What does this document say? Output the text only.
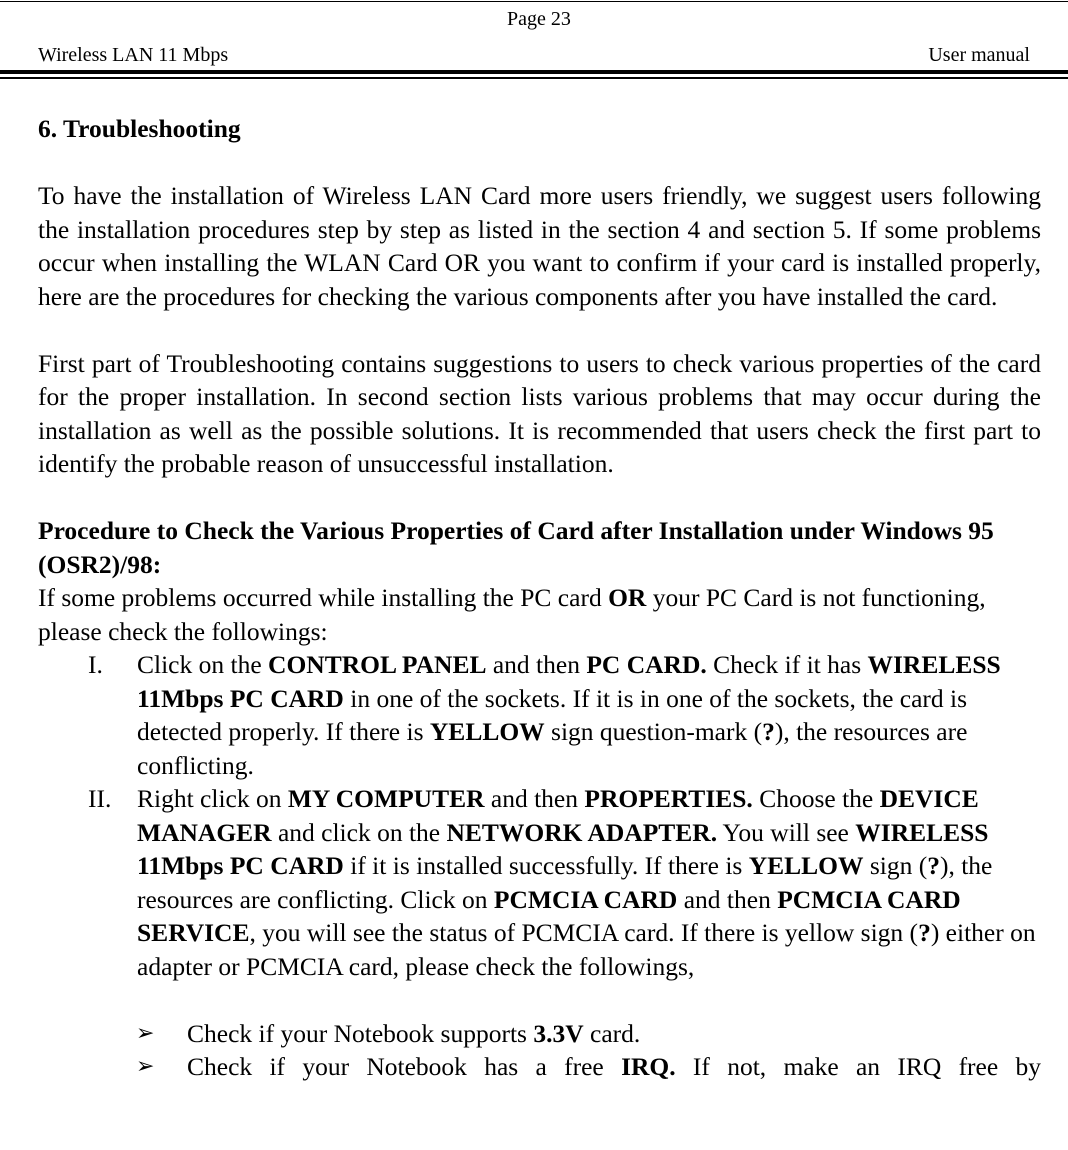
Page 23
Wireless LAN 11 Mbps	User manual
6. Troubleshooting

To have the installation of Wireless LAN Card more users friendly, we suggest users following the installation procedures step by step as listed in the section 4 and section 5. If some problems occur when installing the WLAN Card OR you want to confirm if your card is installed properly, here are the procedures for checking the various components after you have installed the card.

First part of Troubleshooting contains suggestions to users to check various properties of the card for the proper installation. In second section lists various problems that may occur during the installation as well as the possible solutions. It is recommended that users check the first part to identify the probable reason of unsuccessful installation.

Procedure to Check the Various Properties of Card after Installation under Windows 95 (OSR2)/98:

If some problems occurred while installing the PC card OR your PC Card is not functioning, please check the followings:

I. Click on the CONTROL PANEL and then PC CARD. Check if it has WIRELESS 11Mbps PC CARD in one of the sockets. If it is in one of the sockets, the card is detected properly. If there is YELLOW sign question-mark (?), the resources are conflicting.
II. Right click on MY COMPUTER and then PROPERTIES. Choose the DEVICE MANAGER and click on the NETWORK ADAPTER. You will see WIRELESS 11Mbps PC CARD if it is installed successfully. If there is YELLOW sign (?), the resources are conflicting. Click on PCMCIA CARD and then PCMCIA CARD SERVICE, you will see the status of PCMCIA card. If there is yellow sign (?) either on adapter or PCMCIA card, please check the followings,
➢ Check if your Notebook supports 3.3V card.
➢ Check if your Notebook has a free IRQ. If not, make an IRQ free by
